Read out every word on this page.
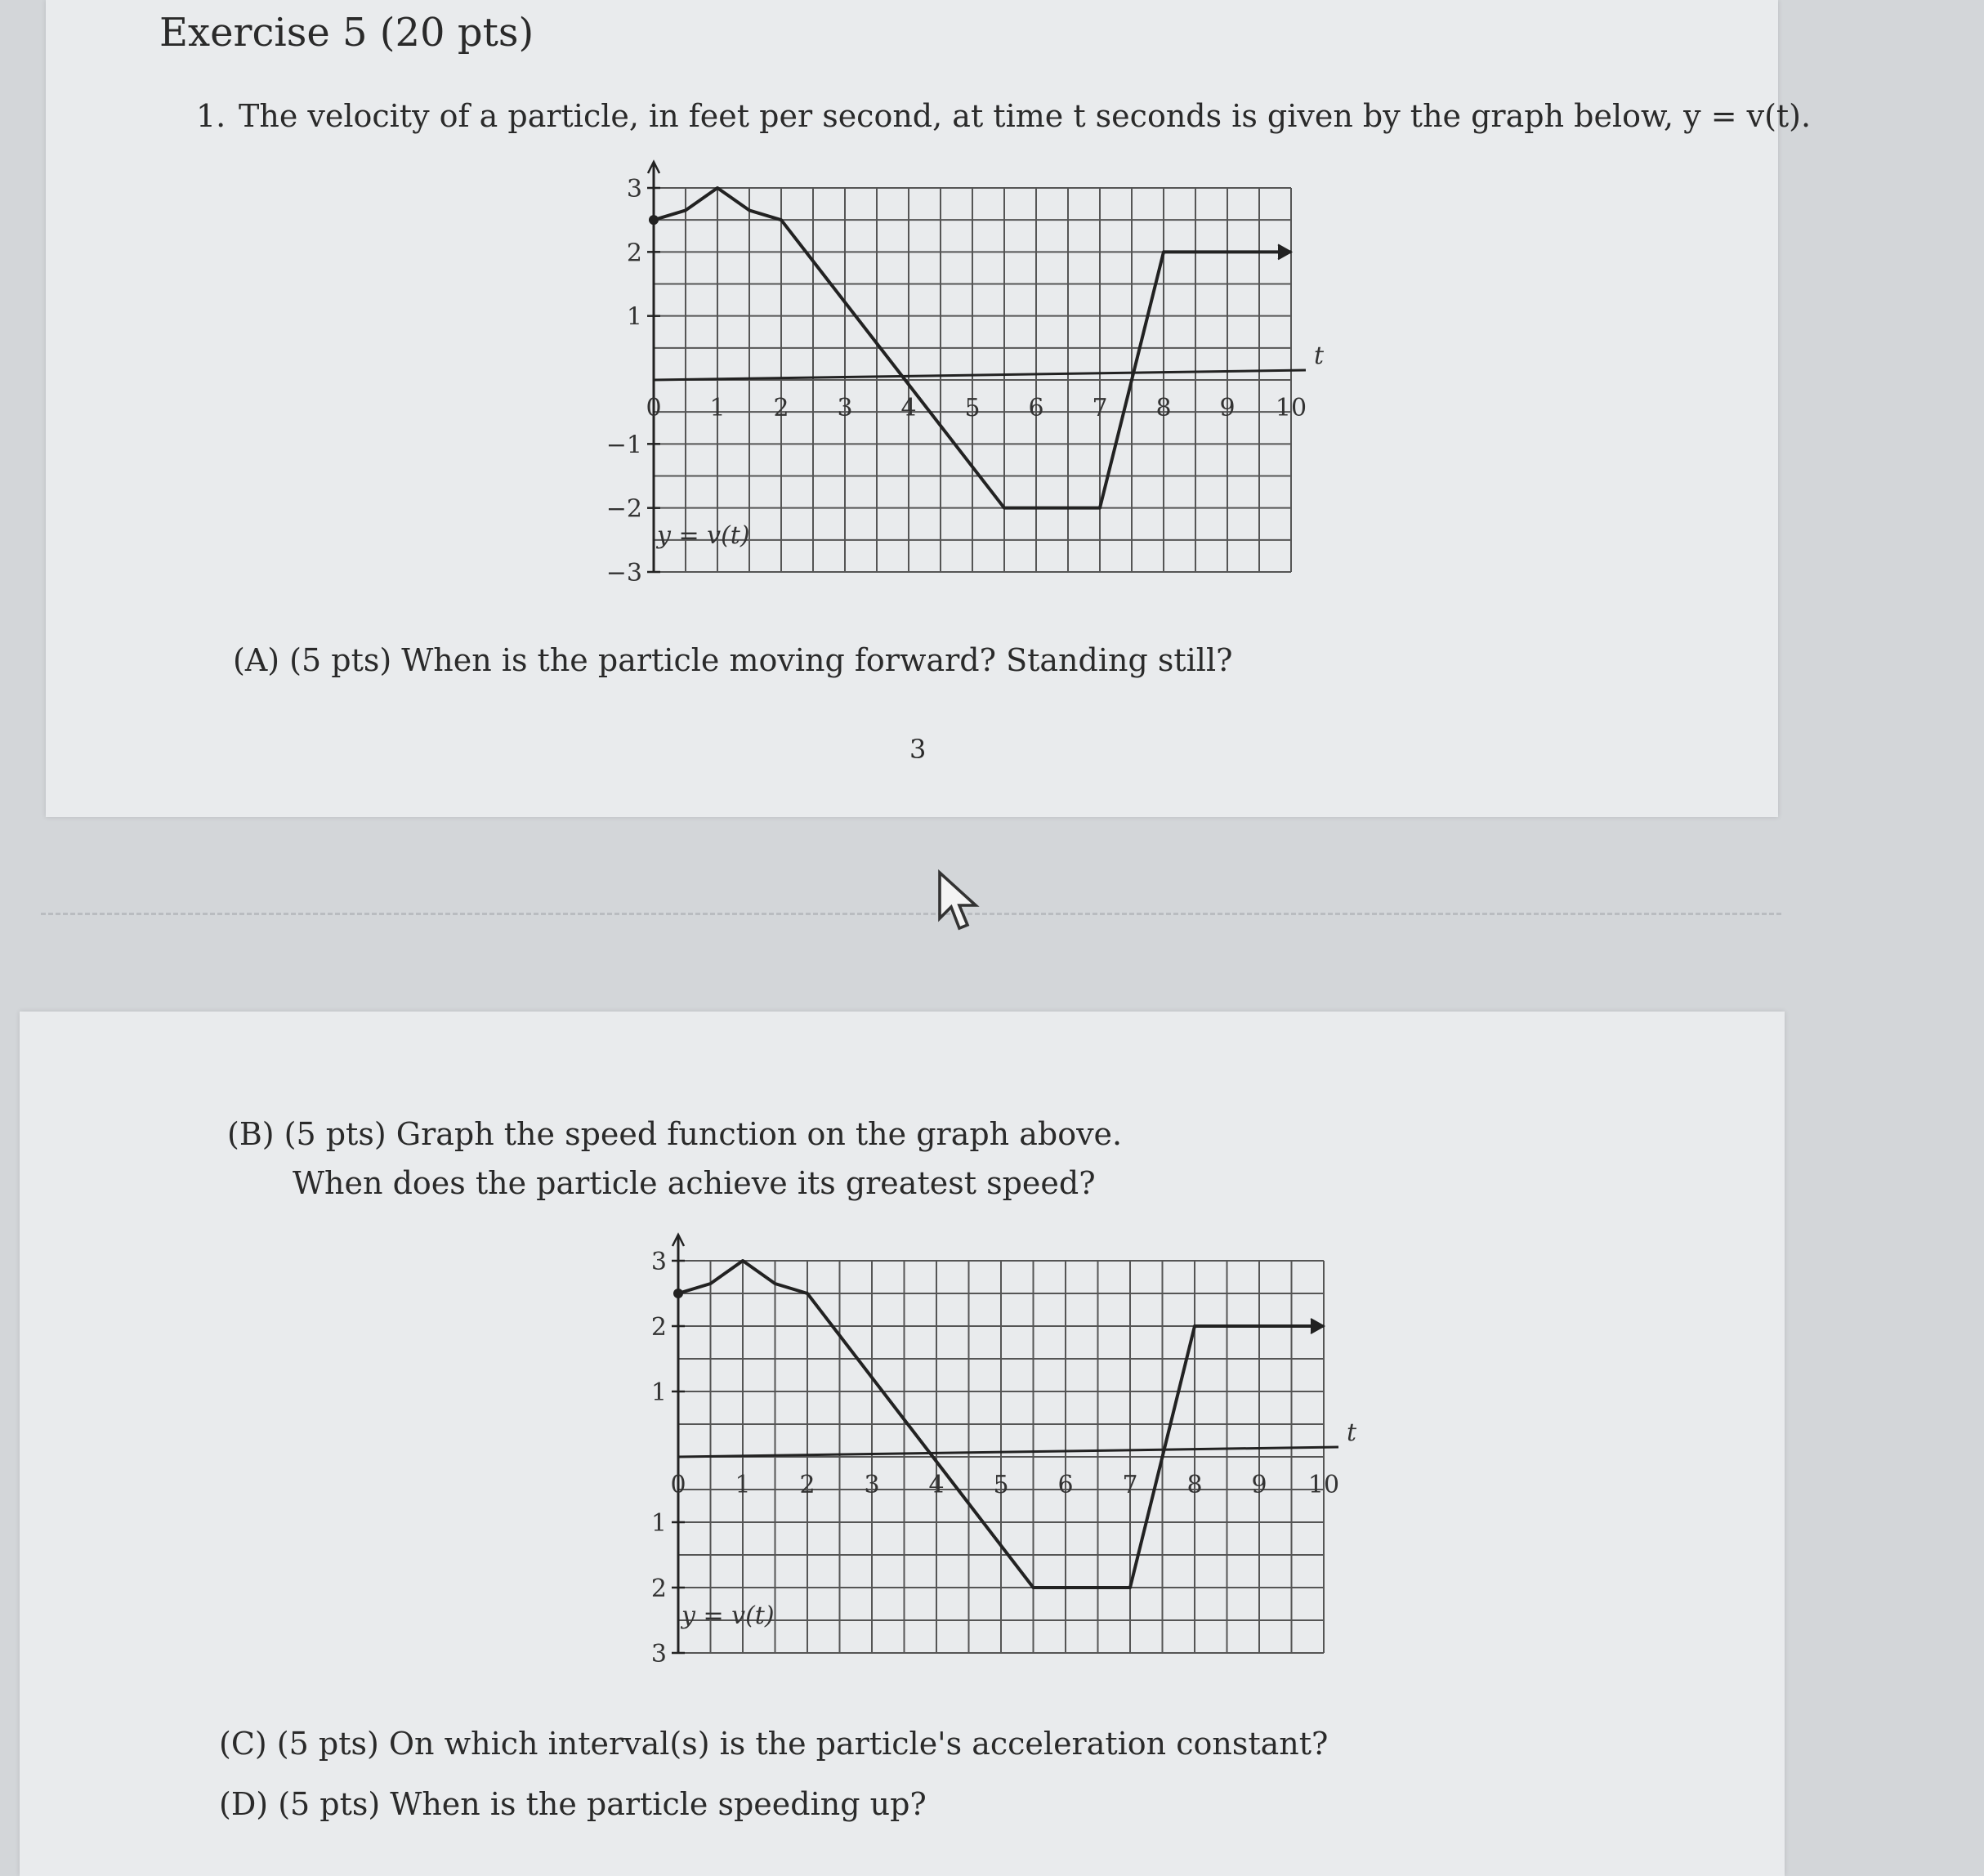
Exercise 5 (20 pts)
1. The velocity of a particle, in feet per second, at time t seconds is given by the graph below, y = v(t).
0 1 2 3 4 5 6 7 8 9 10
3
2
1
−1
−2
−3
t
y = v(t)
(A) (5 pts) When is the particle moving forward? Standing still?
3
(B) (5 pts) Graph the speed function on the graph above.
When does the particle achieve its greatest speed?
0 1 2 3 4 5 6 7 8 9 10
3
2
1
1
2
3
t
y = v(t)
(C) (5 pts) On which interval(s) is the particle's acceleration constant?
(D) (5 pts) When is the particle speeding up?
